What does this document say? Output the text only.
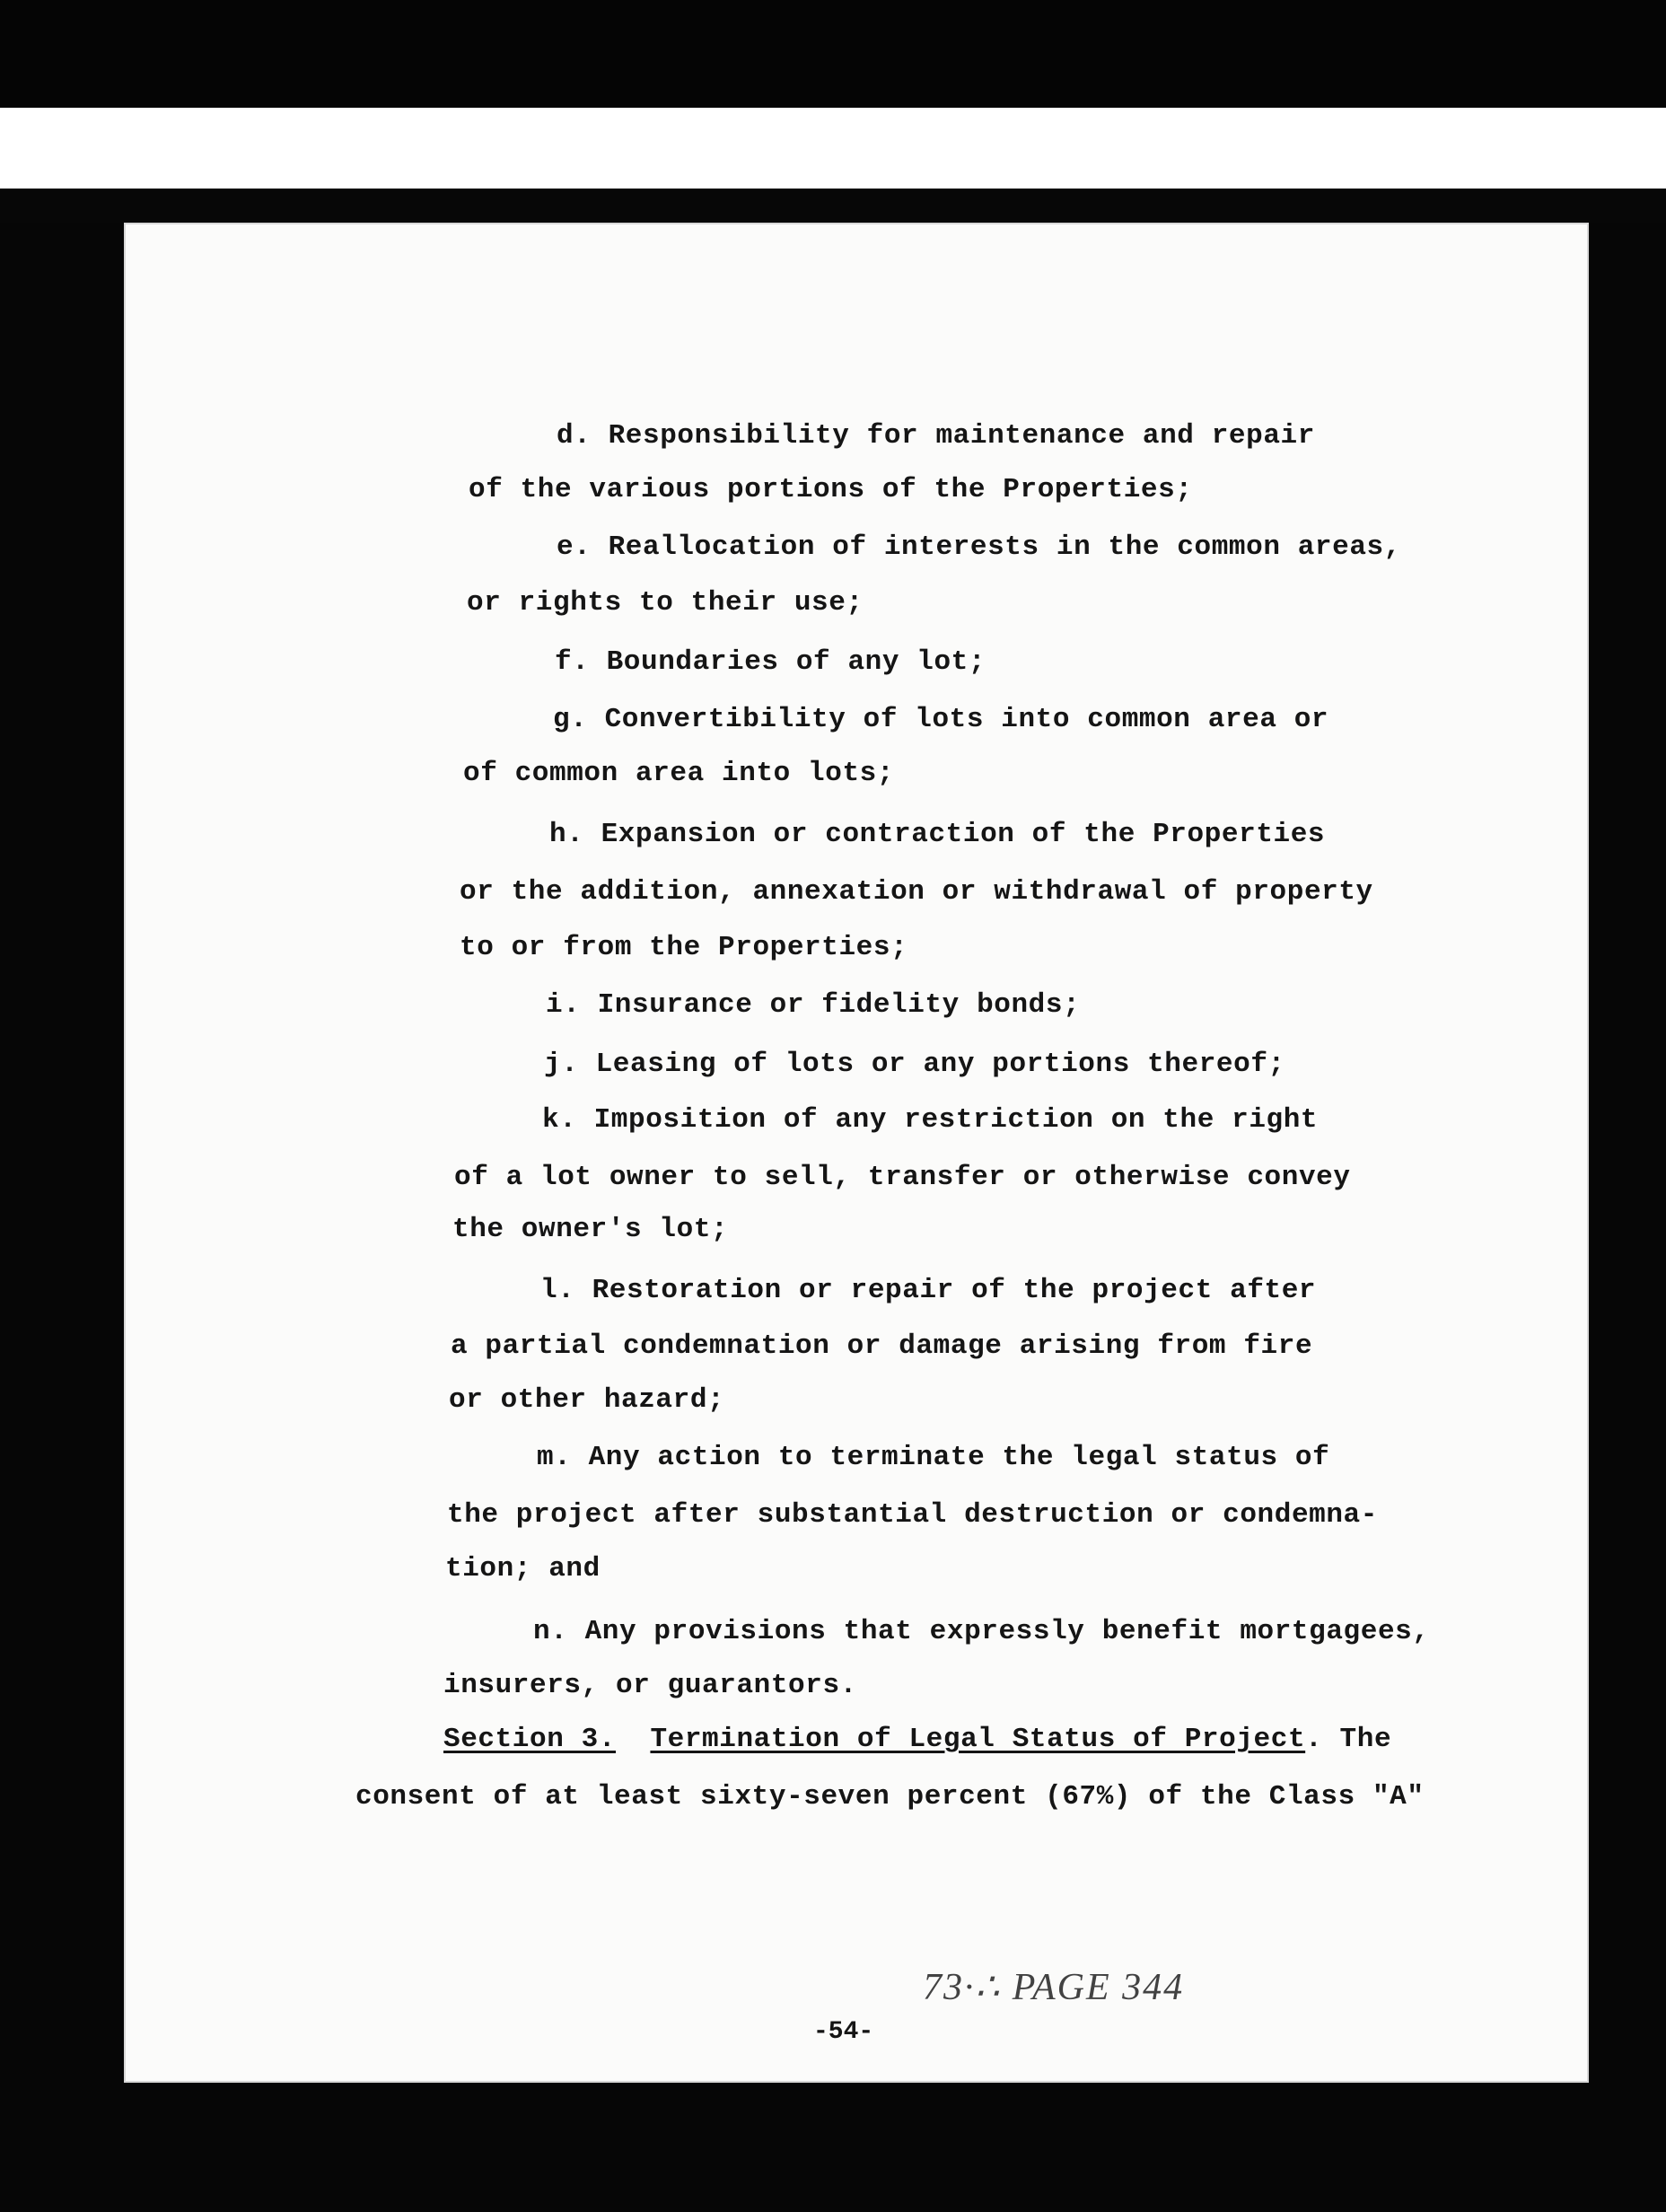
d. Responsibility for maintenance and repair
of the various portions of the Properties;
e. Reallocation of interests in the common areas,
or rights to their use;
f. Boundaries of any lot;
g. Convertibility of lots into common area or
of common area into lots;
h. Expansion or contraction of the Properties
or the addition, annexation or withdrawal of property
to or from the Properties;
i. Insurance or fidelity bonds;
j. Leasing of lots or any portions thereof;
k. Imposition of any restriction on the right
of a lot owner to sell, transfer or otherwise convey
the owner's lot;
l. Restoration or repair of the project after
a partial condemnation or damage arising from fire
or other hazard;
m. Any action to terminate the legal status of
the project after substantial destruction or condemna-
tion; and
n. Any provisions that expressly benefit mortgagees,
insurers, or guarantors.
Section 3. Termination of Legal Status of Project. The
consent of at least sixty-seven percent (67%) of the Class "A"
73·∴ PAGE 344
-54-
